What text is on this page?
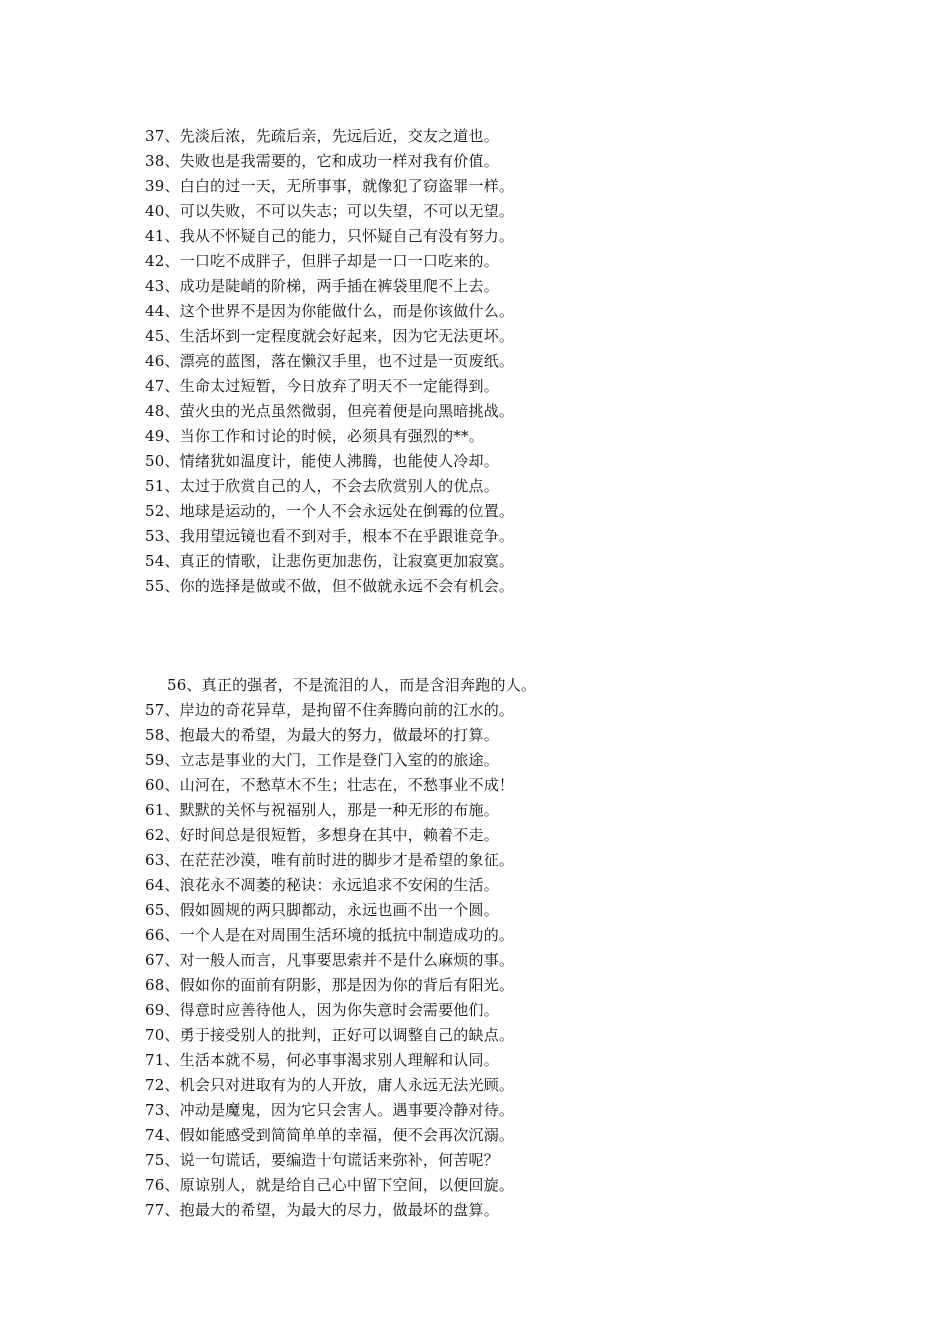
37、先淡后浓，先疏后亲，先远后近，交友之道也。
38、失败也是我需要的，它和成功一样对我有价值。
39、白白的过一天，无所事事，就像犯了窃盗罪一样。
40、可以失败，不可以失志；可以失望，不可以无望。
41、我从不怀疑自己的能力，只怀疑自己有没有努力。
42、一口吃不成胖子，但胖子却是一口一口吃来的。
43、成功是陡峭的阶梯，两手插在裤袋里爬不上去。
44、这个世界不是因为你能做什么，而是你该做什么。
45、生活坏到一定程度就会好起来，因为它无法更坏。
46、漂亮的蓝图，落在懒汉手里，也不过是一页废纸。
47、生命太过短暂，今日放弃了明天不一定能得到。
48、萤火虫的光点虽然微弱，但亮着便是向黑暗挑战。
49、当你工作和讨论的时候，必须具有强烈的**。
50、情绪犹如温度计，能使人沸腾，也能使人冷却。
51、太过于欣赏自己的人，不会去欣赏别人的优点。
52、地球是运动的，一个人不会永远处在倒霉的位置。
53、我用望远镜也看不到对手，根本不在乎跟谁竞争。
54、真正的情歌，让悲伤更加悲伤，让寂寞更加寂寞。
55、你的选择是做或不做，但不做就永远不会有机会。
56、真正的强者，不是流泪的人，而是含泪奔跑的人。
57、岸边的奇花异草，是拘留不住奔腾向前的江水的。
58、抱最大的希望，为最大的努力，做最坏的打算。
59、立志是事业的大门，工作是登门入室的的旅途。
60、山河在，不愁草木不生；壮志在，不愁事业不成！
61、默默的关怀与祝福别人，那是一种无形的布施。
62、好时间总是很短暂，多想身在其中，赖着不走。
63、在茫茫沙漠，唯有前时进的脚步才是希望的象征。
64、浪花永不凋萎的秘诀：永远追求不安闲的生活。
65、假如圆规的两只脚都动，永远也画不出一个圆。
66、一个人是在对周围生活环境的抵抗中制造成功的。
67、对一般人而言，凡事要思索并不是什么麻烦的事。
68、假如你的面前有阴影，那是因为你的背后有阳光。
69、得意时应善待他人，因为你失意时会需要他们。
70、勇于接受别人的批判，正好可以调整自己的缺点。
71、生活本就不易，何必事事渴求别人理解和认同。
72、机会只对进取有为的人开放，庸人永远无法光顾。
73、冲动是魔鬼，因为它只会害人。遇事要冷静对待。
74、假如能感受到简简单单的幸福，便不会再次沉溺。
75、说一句谎话，要编造十句谎话来弥补，何苦呢？
76、原谅别人，就是给自己心中留下空间，以便回旋。
77、抱最大的希望，为最大的尽力，做最坏的盘算。
